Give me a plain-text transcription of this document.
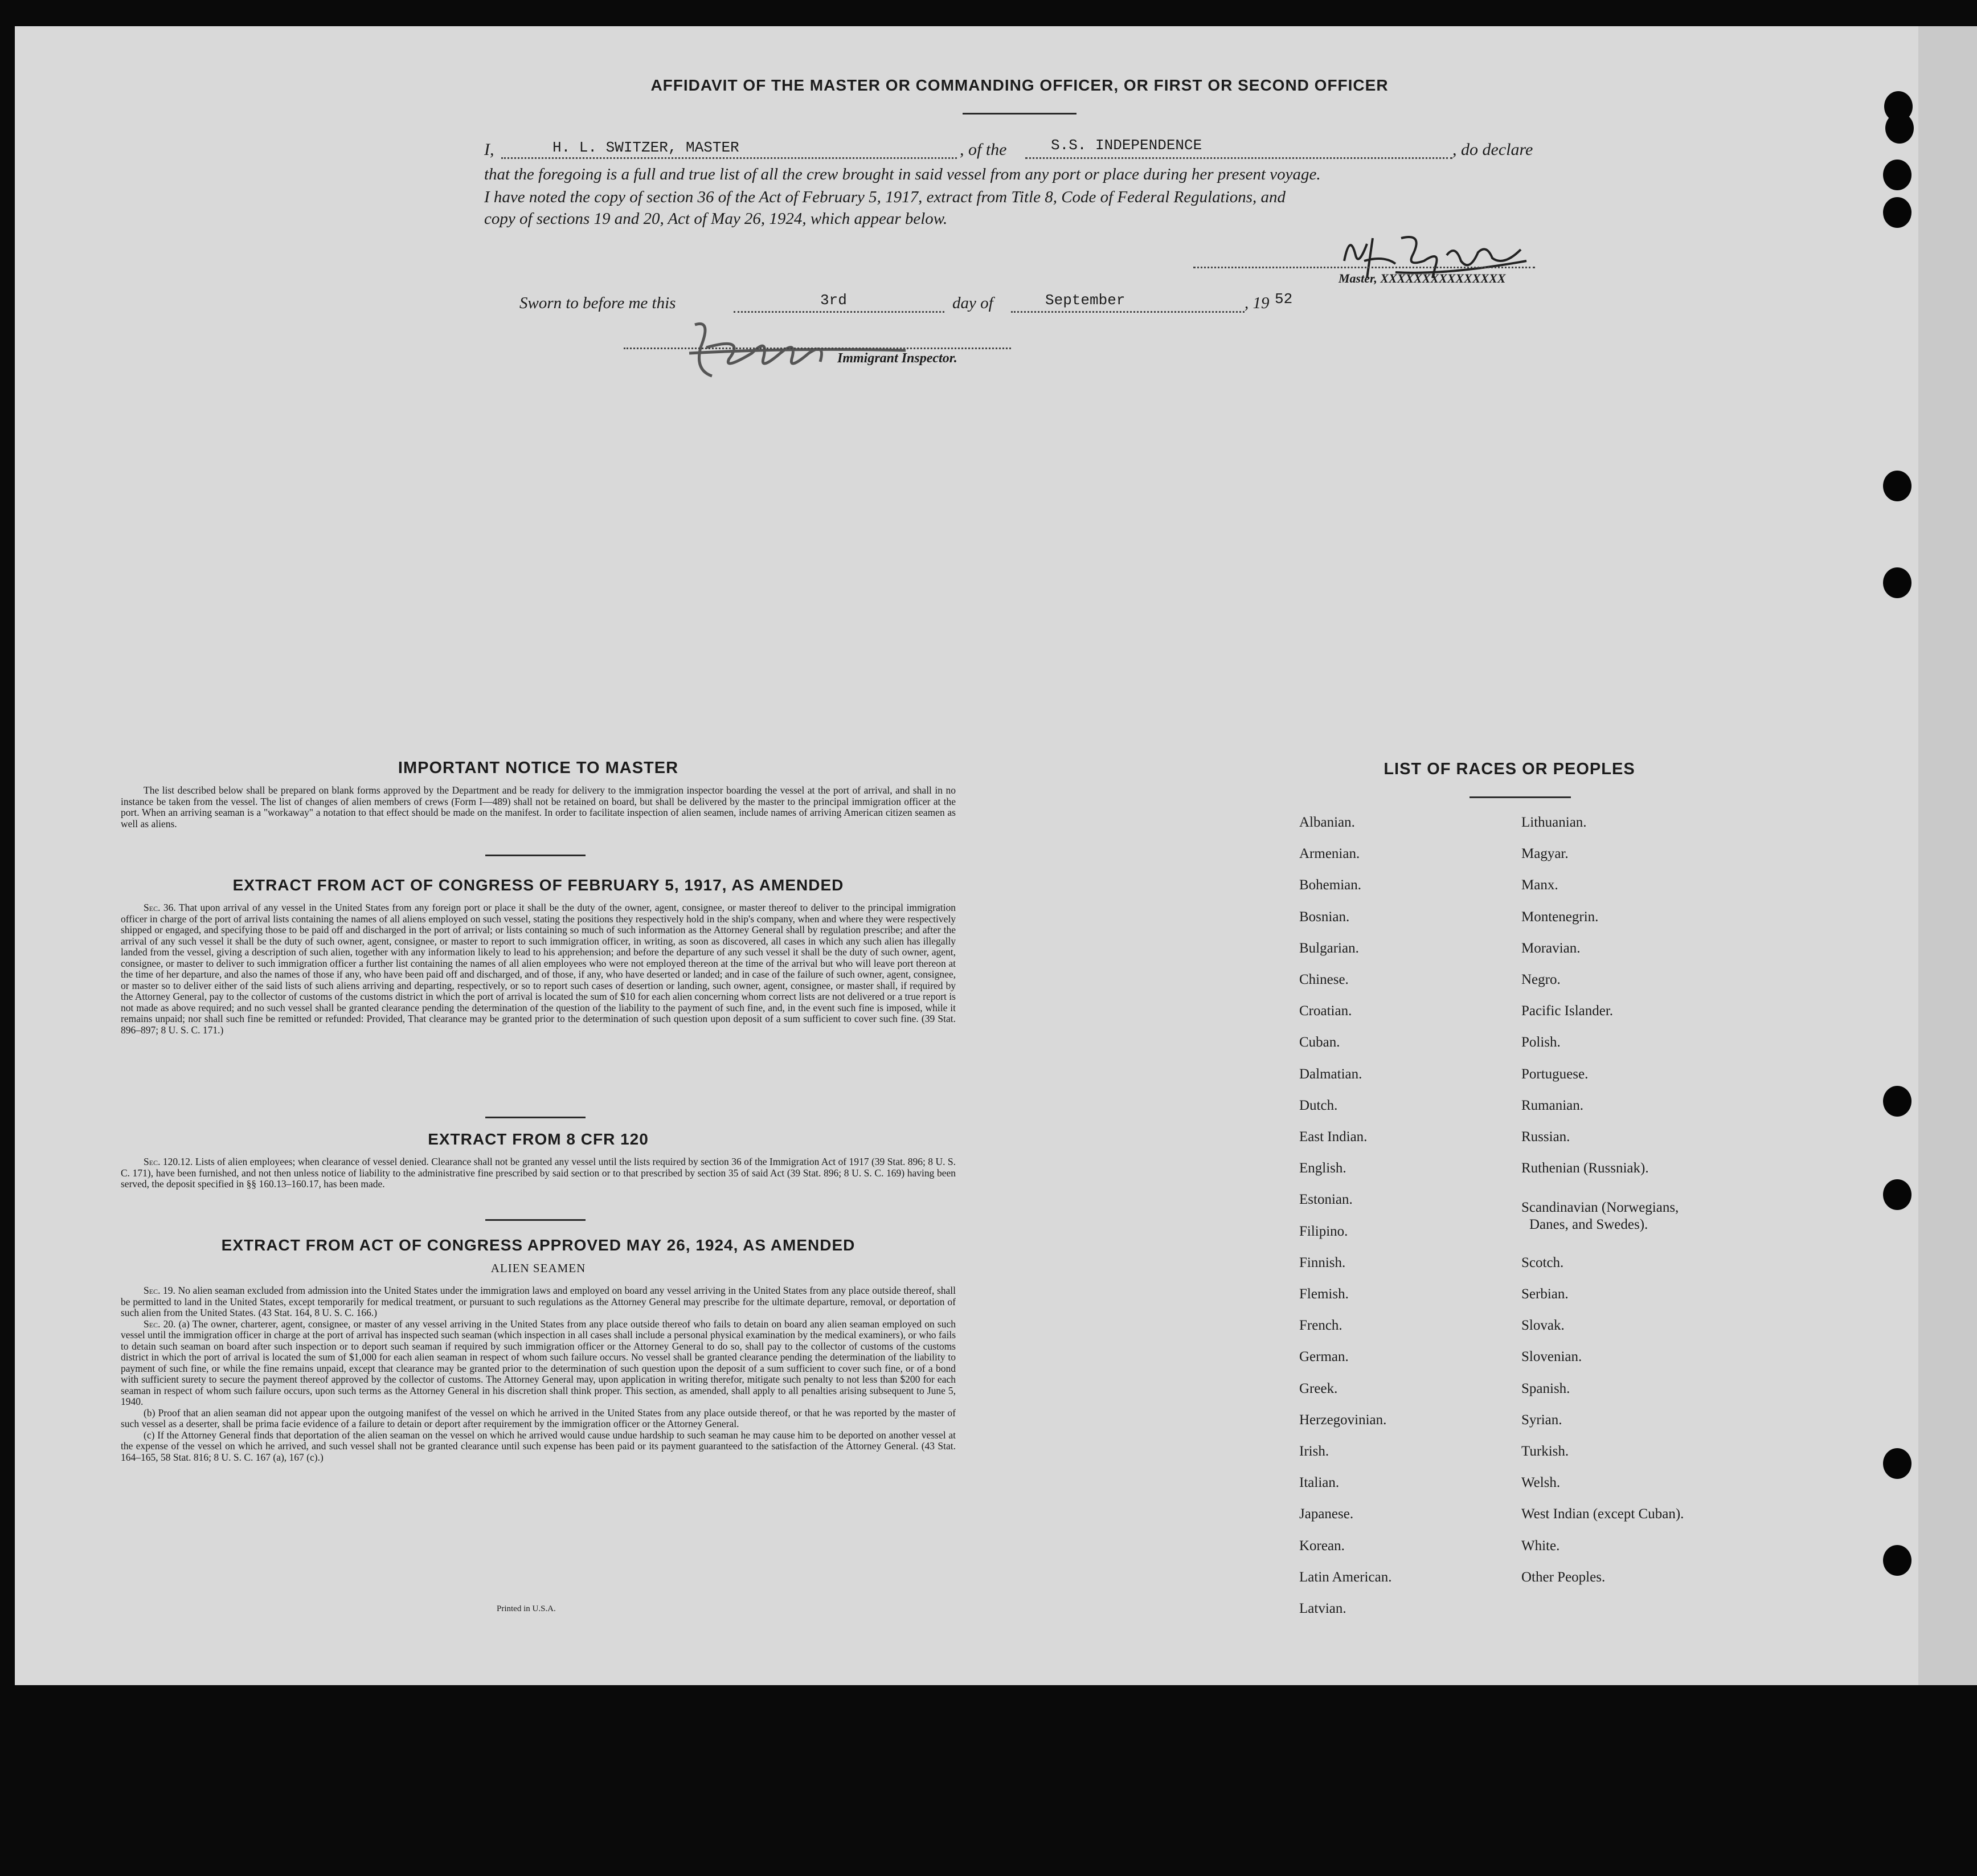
AFFIDAVIT OF THE MASTER OR COMMANDING OFFICER, OR FIRST OR SECOND OFFICER
I,	H. L. SWITZER, MASTER	, of the	S.S. INDEPENDENCE	, do declare
that the foregoing is a full and true list of all the crew brought in said vessel from any port or place during her present voyage.
I have noted the copy of section 36 of the Act of February 5, 1917, extract from Title 8, Code of Federal Regulations, and
copy of sections 19 and 20, Act of May 26, 1924, which appear below.
Master, XXXXXXXXXXXXXXX
Sworn to before me this	3rd	day of	September	, 19 52
Immigrant Inspector.
IMPORTANT NOTICE TO MASTER
The list described below shall be prepared on blank forms approved by the Department and be ready for delivery to the immigration inspector boarding the vessel at the port of arrival, and shall in no instance be taken from the vessel. The list of changes of alien members of crews (Form I—489) shall not be retained on board, but shall be delivered by the master to the principal immigration officer at the port. When an arriving seaman is a "workaway" a notation to that effect should be made on the manifest. In order to facilitate inspection of alien seamen, include names of arriving American citizen seamen as well as aliens.
EXTRACT FROM ACT OF CONGRESS OF FEBRUARY 5, 1917, AS AMENDED

Sec. 36. That upon arrival of any vessel in the United States from any foreign port or place it shall be the duty of the owner, agent, consignee, or master thereof to deliver to the principal immigration officer in charge of the port of arrival lists containing the names of all aliens employed on such vessel, stating the positions they respectively hold in the ship's company, when and where they were respectively shipped or engaged, and specifying those to be paid off and discharged in the port of arrival; or lists containing so much of such information as the Attorney General shall by regulation prescribe; and after the arrival of any such vessel it shall be the duty of such owner, agent, consignee, or master to report to such immigration officer, in writing, as soon as discovered, all cases in which any such alien has illegally landed from the vessel, giving a description of such alien, together with any information likely to lead to his apprehension; and before the departure of any such vessel it shall be the duty of such owner, agent, consignee, or master to deliver to such immigration officer a further list containing the names of all alien employees who were not employed thereon at the time of the arrival but who will leave port thereon at the time of her departure, and also the names of those if any, who have been paid off and discharged, and of those, if any, who have deserted or landed; and in case of the failure of such owner, agent, consignee, or master so to deliver either of the said lists of such aliens arriving and departing, respectively, or so to report such cases of desertion or landing, such owner, agent, consignee, or master shall, if required by the Attorney General, pay to the collector of customs of the customs district in which the port of arrival is located the sum of $10 for each alien concerning whom correct lists are not delivered or a true report is not made as above required; and no such vessel shall be granted clearance pending the determination of the question of the liability to the payment of such fine, and, in the event such fine is imposed, while it remains unpaid; nor shall such fine be remitted or refunded: Provided, That clearance may be granted prior to the determination of such question upon deposit of a sum sufficient to cover such fine. (39 Stat. 896–897; 8 U. S. C. 171.)

EXTRACT FROM 8 CFR 120

Sec. 120.12. Lists of alien employees; when clearance of vessel denied. Clearance shall not be granted any vessel until the lists required by section 36 of the Immigration Act of 1917 (39 Stat. 896; 8 U. S. C. 171), have been furnished, and not then unless notice of liability to the administrative fine prescribed by said section or to that prescribed by section 35 of said Act (39 Stat. 896; 8 U. S. C. 169) having been served, the deposit specified in §§ 160.13–160.17, has been made.

EXTRACT FROM ACT OF CONGRESS APPROVED MAY 26, 1924, AS AMENDED
ALIEN SEAMEN

Sec. 19. No alien seaman excluded from admission into the United States under the immigration laws and employed on board any vessel arriving in the United States from any place outside thereof, shall be permitted to land in the United States, except temporarily for medical treatment, or pursuant to such regulations as the Attorney General may prescribe for the ultimate departure, removal, or deportation of such alien from the United States. (43 Stat. 164, 8 U. S. C. 166.)

Sec. 20. (a) The owner, charterer, agent, consignee, or master of any vessel arriving in the United States from any place outside thereof who fails to detain on board any alien seaman employed on such vessel until the immigration officer in charge at the port of arrival has inspected such seaman (which inspection in all cases shall include a personal physical examination by the medical examiners), or who fails to detain such seaman on board after such inspection or to deport such seaman if required by such immigration officer or the Attorney General to do so, shall pay to the collector of customs of the customs district in which the port of arrival is located the sum of $1,000 for each alien seaman in respect of whom such failure occurs. No vessel shall be granted clearance pending the determination of the liability to payment of such fine, or while the fine remains unpaid, except that clearance may be granted prior to the determination of such question upon the deposit of a sum sufficient to cover such fine, or of a bond with sufficient surety to secure the payment thereof approved by the collector of customs. The Attorney General may, upon application in writing therefor, mitigate such penalty to not less than $200 for each seaman in respect of whom such failure occurs, upon such terms as the Attorney General in his discretion shall think proper. This section, as amended, shall apply to all penalties arising subsequent to June 5, 1940.

(b) Proof that an alien seaman did not appear upon the outgoing manifest of the vessel on which he arrived in the United States from any place outside thereof, or that he was reported by the master of such vessel as a deserter, shall be prima facie evidence of a failure to detain or deport after requirement by the immigration officer or the Attorney General.

(c) If the Attorney General finds that deportation of the alien seaman on the vessel on which he arrived would cause undue hardship to such seaman he may cause him to be deported on another vessel at the expense of the vessel on which he arrived, and such vessel shall not be granted clearance until such expense has been paid or its payment guaranteed to the satisfaction of the Attorney General. (43 Stat. 164–165, 58 Stat. 816; 8 U. S. C. 167 (a), 167 (c).)

Printed in U.S.A.
LIST OF RACES OR PEOPLES
Albanian.
Armenian.
Bohemian.
Bosnian.
Bulgarian.
Chinese.
Croatian.
Cuban.
Dalmatian.
Dutch.
East Indian.
English.
Estonian.
Filipino.
Finnish.
Flemish.
French.
German.
Greek.
Herzegovinian.
Irish.
Italian.
Japanese.
Korean.
Latin American.
Latvian.
Lithuanian.
Magyar.
Manx.
Montenegrin.
Moravian.
Negro.
Pacific Islander.
Polish.
Portuguese.
Rumanian.
Russian.
Ruthenian (Russniak).
Scandinavian (Norwegians,
Danes, and Swedes).
Scotch.
Serbian.
Slovak.
Slovenian.
Spanish.
Syrian.
Turkish.
Welsh.
West Indian (except Cuban).
White.
Other Peoples.
